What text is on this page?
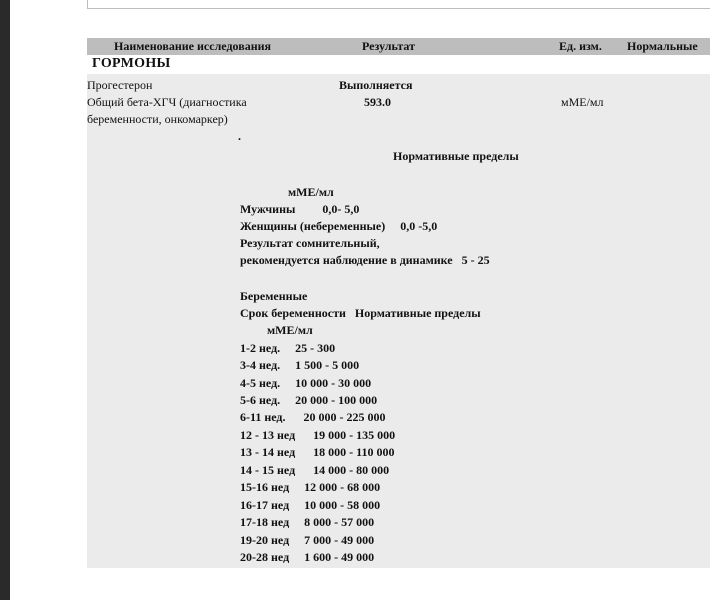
Наименование исследования	Результат	Ед. изм. Нормальные
ГОРМОНЫ
Прогестерон	Выполняется
Общий бета-ХГЧ (диагностика
беременности, онкомаркер)
593.0	мМЕ/мл
.
Нормативные пределы
мМЕ/мл
Мужчины         0,0- 5,0
Женщины (небеременные)     0,0 -5,0
Результат сомнительный,
рекомендуется наблюдение в динамике   5 - 25
Беременные
Срок беременности   Нормативные пределы
мМЕ/мл
1-2 нед.     25 - 300
3-4 нед.     1 500 - 5 000
4-5 нед.     10 000 - 30 000
5-6 нед.     20 000 - 100 000
6-11 нед.      20 000 - 225 000
12 - 13 нед      19 000 - 135 000
13 - 14 нед      18 000 - 110 000
14 - 15 нед      14 000 - 80 000
15-16 нед     12 000 - 68 000
16-17 нед     10 000 - 58 000
17-18 нед     8 000 - 57 000
19-20 нед     7 000 - 49 000
20-28 нед     1 600 - 49 000
